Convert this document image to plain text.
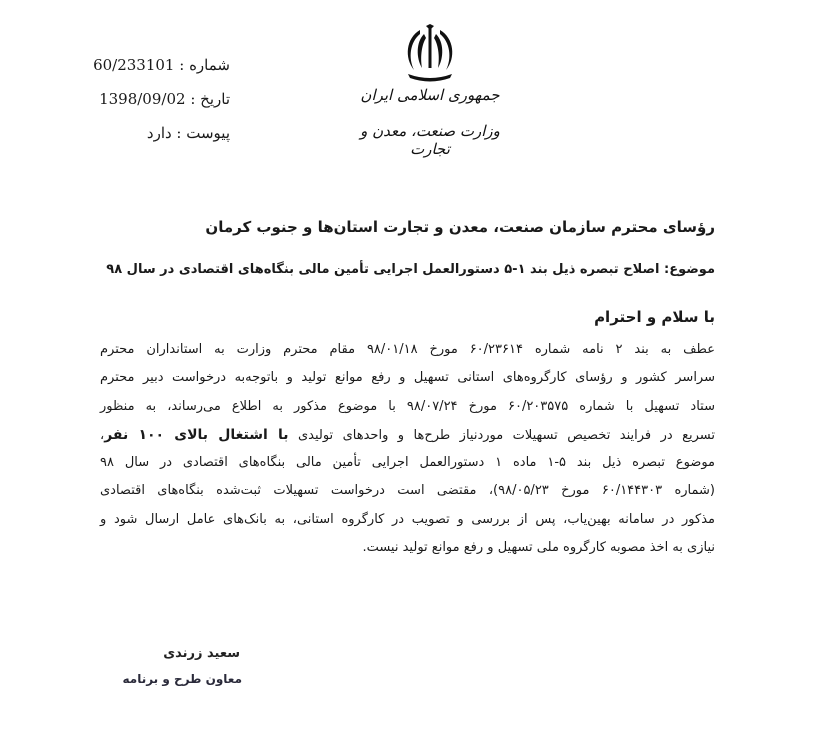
شماره : 60/233101
تاریخ : 1398/09/02
پیوست : دارد
جمهوری اسلامی ایران
وزارت صنعت، معدن و تجارت
رؤسای محترم سازمان صنعت، معدن و تجارت استان‌ها و جنوب کرمان
موضوع: اصلاح تبصره ذیل بند ۱-۵ دستورالعمل اجرایی تأمین مالی بنگاه‌های اقتصادی در سال ۹۸
با سلام و احترام
عطف به بند ۲ نامه شماره ۶۰/۲۳۶۱۴ مورخ ۹۸/۰۱/۱۸ مقام محترم وزارت به استانداران محترم
سراسر کشور و رؤسای کارگروه‌های استانی تسهیل و رفع موانع تولید و باتوجه‌به درخواست دبیر محترم
ستاد تسهیل با شماره ۶۰/۲۰۳۵۷۵ مورخ ۹۸/۰۷/۲۴ با موضوع مذکور به اطلاع می‌رساند، به منظور
تسریع در فرایند تخصیص تسهیلات موردنیاز طرح‌ها و واحدهای تولیدی با اشتغال بالای ۱۰۰ نفر،
موضوع تبصره ذیل بند ۵-۱ ماده ۱ دستورالعمل اجرایی تأمین مالی بنگاه‌های اقتصادی در سال ۹۸
(شماره ۶۰/۱۴۴۳۰۳ مورخ ۹۸/۰۵/۲۳)، مقتضی است درخواست تسهیلات ثبت‌شده بنگاه‌های اقتصادی
مذکور در سامانه بهین‌یاب، پس از بررسی و تصویب در کارگروه استانی، به بانک‌های عامل ارسال شود و
نیازی به اخذ مصوبه کارگروه ملی تسهیل و رفع موانع تولید نیست.
سعید زرندی
معاون طرح و برنامه
